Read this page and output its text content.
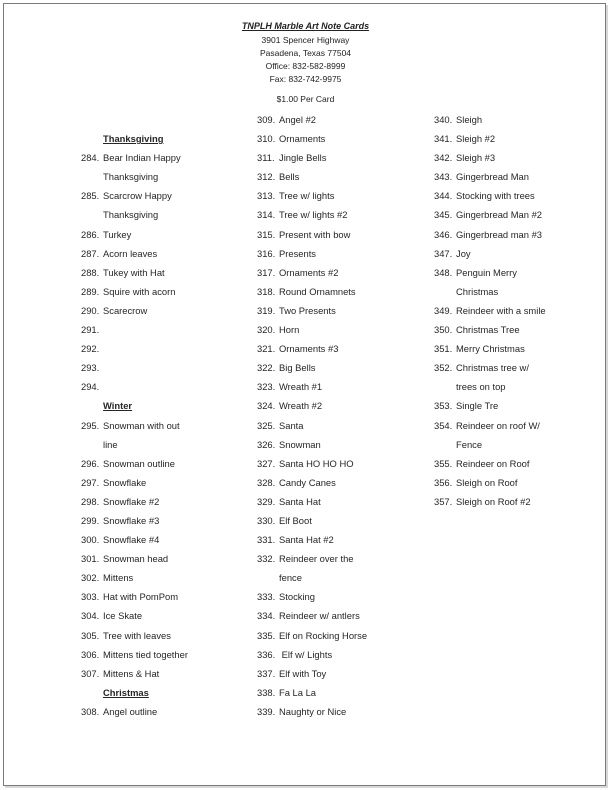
TNPLH Marble Art Note Cards
3901 Spencer Highway
Pasadena, Texas 77504
Office: 832-582-8999
Fax: 832-742-9975
$1.00 Per Card
Thanksgiving
284. Bear Indian Happy
Thanksgiving
285. Scarcrow Happy
Thanksgiving
286. Turkey
287. Acorn leaves
288. Tukey with Hat
289. Squire with acorn
290. Scarecrow
291.
292.
293.
294.
Winter
295. Snowman with out
line
296. Snowman outline
297. Snowflake
298. Snowflake #2
299. Snowflake #3
300. Snowflake #4
301. Snowman head
302. Mittens
303. Hat with PomPom
304. Ice Skate
305. Tree with leaves
306. Mittens tied together
307. Mittens & Hat
Christmas
308. Angel outline
309. Angel #2
310. Ornaments
311. Jingle Bells
312. Bells
313. Tree w/ lights
314. Tree w/ lights #2
315. Present with bow
316. Presents
317. Ornaments #2
318. Round Ornamnets
319. Two Presents
320. Horn
321. Ornaments #3
322. Big Bells
323. Wreath #1
324. Wreath #2
325. Santa
326. Snowman
327. Santa HO HO HO
328. Candy Canes
329. Santa Hat
330. Elf Boot
331. Santa Hat #2
332. Reindeer over the
fence
333. Stocking
334. Reindeer w/ antlers
335. Elf on Rocking Horse
336. Elf w/ Lights
337. Elf with Toy
338. Fa La La
339. Naughty or Nice
340. Sleigh
341. Sleigh #2
342. Sleigh #3
343. Gingerbread Man
344. Stocking with trees
345. Gingerbread Man #2
346. Gingerbread man #3
347. Joy
348. Penguin Merry
Christmas
349. Reindeer with a smile
350. Christmas Tree
351. Merry Christmas
352. Christmas tree w/
trees on top
353. Single Tre
354. Reindeer on roof W/
Fence
355. Reindeer on Roof
356. Sleigh on Roof
357. Sleigh on Roof #2
